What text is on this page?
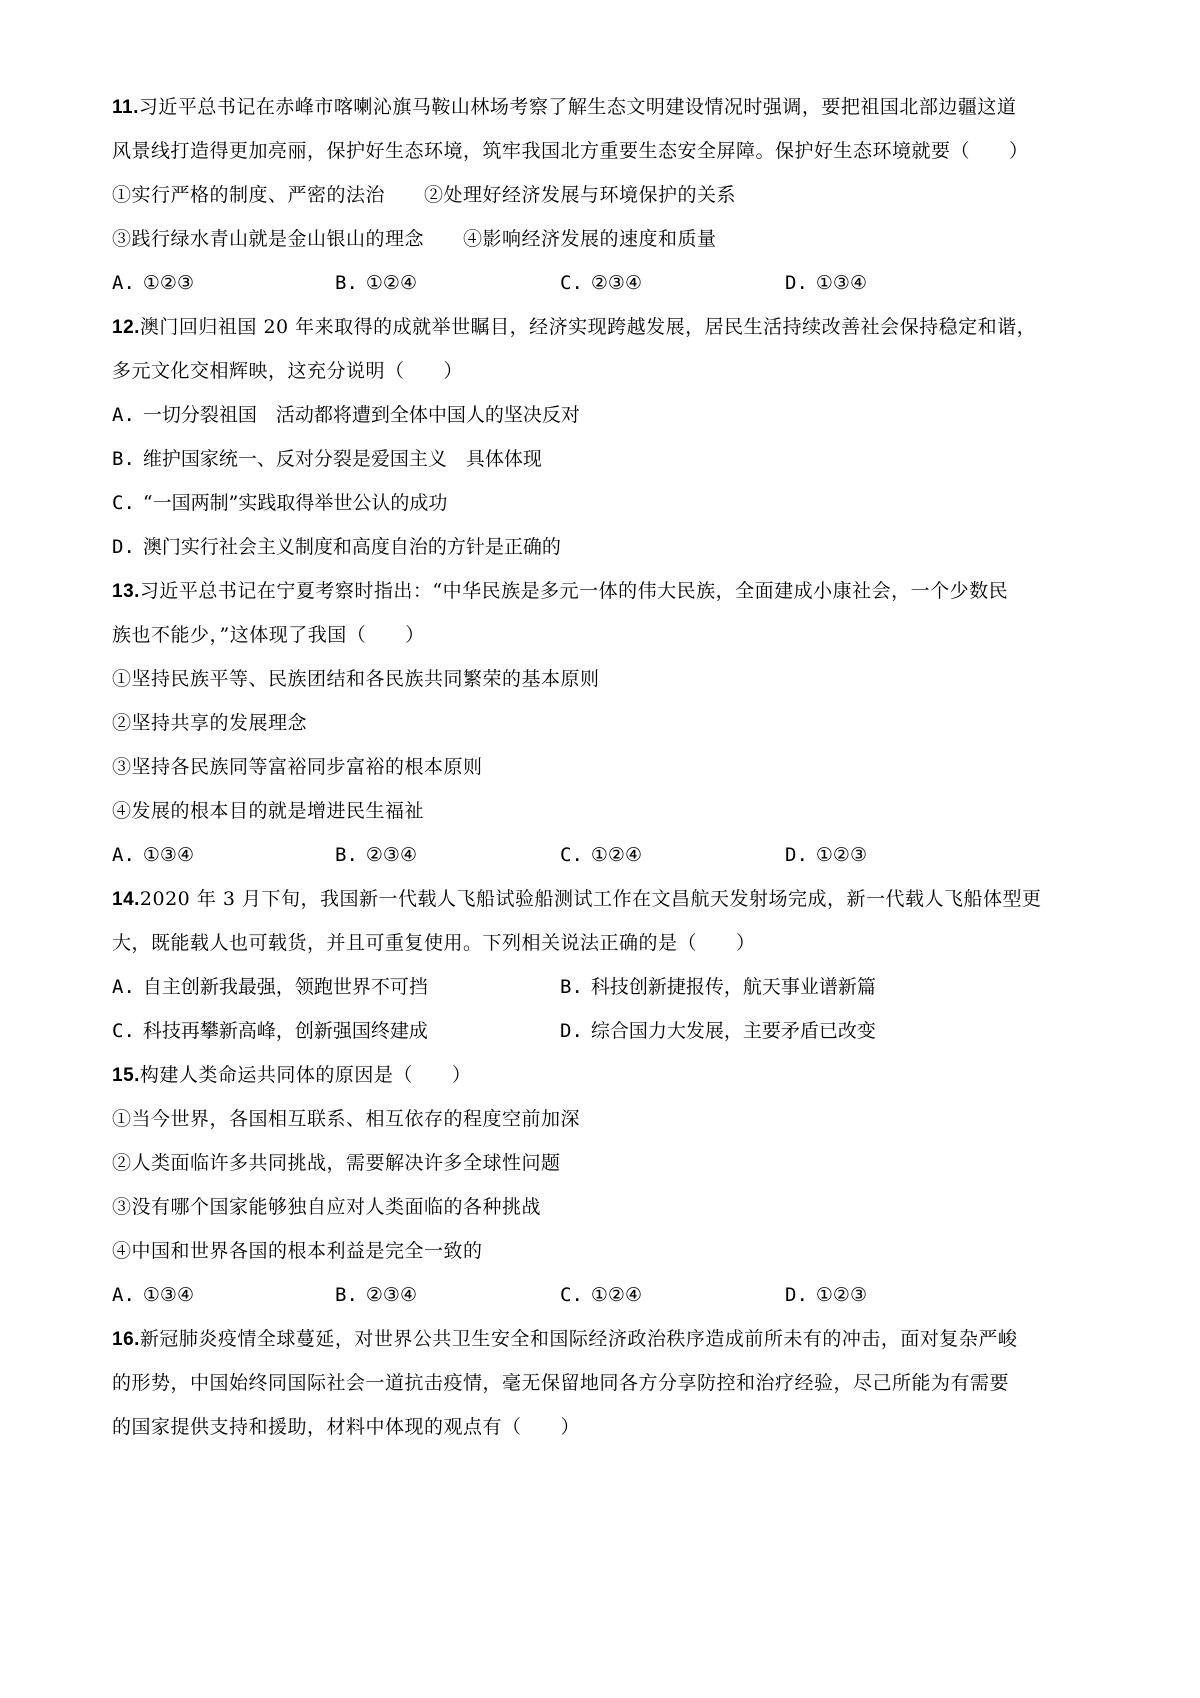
11.习近平总书记在赤峰市喀喇沁旗马鞍山林场考察了解生态文明建设情况时强调，要把祖国北部边疆这道
风景线打造得更加亮丽，保护好生态环境，筑牢我国北方重要生态安全屏障。保护好生态环境就要（　　）
①实行严格的制度、严密的法治　　②处理好经济发展与环境保护的关系
③践行绿水青山就是金山银山的理念　　④影响经济发展的速度和质量
A. ①②③	B. ①②④	C. ②③④	D. ①③④
12.澳门回归祖国 20 年来取得的成就举世瞩目，经济实现跨越发展，居民生活持续改善社会保持稳定和谐，
多元文化交相辉映，这充分说明（　　）
A. 一切分裂祖国　活动都将遭到全体中国人的坚决反对
B. 维护国家统一、反对分裂是爱国主义　具体体现
C. “一国两制”实践取得举世公认的成功
D. 澳门实行社会主义制度和高度自治的方针是正确的
13.习近平总书记在宁夏考察时指出：“中华民族是多元一体的伟大民族，全面建成小康社会，一个少数民
族也不能少，”这体现了我国（　　）
①坚持民族平等、民族团结和各民族共同繁荣的基本原则
②坚持共享的发展理念
③坚持各民族同等富裕同步富裕的根本原则
④发展的根本目的就是增进民生福祉
A. ①③④	B. ②③④	C. ①②④	D. ①②③
14.2020 年 3 月下旬，我国新一代载人飞船试验船测试工作在文昌航天发射场完成，新一代载人飞船体型更
大，既能载人也可载货，并且可重复使用。下列相关说法正确的是（　　）
A. 自主创新我最强，领跑世界不可挡	B. 科技创新捷报传，航天事业谱新篇
C. 科技再攀新高峰，创新强国终建成	D. 综合国力大发展，主要矛盾已改变
15.构建人类命运共同体的原因是（　　）
①当今世界，各国相互联系、相互依存的程度空前加深
②人类面临许多共同挑战，需要解决许多全球性问题
③没有哪个国家能够独自应对人类面临的各种挑战
④中国和世界各国的根本利益是完全一致的
A. ①③④	B. ②③④	C. ①②④	D. ①②③
16.新冠肺炎疫情全球蔓延，对世界公共卫生安全和国际经济政治秩序造成前所未有的冲击，面对复杂严峻
的形势，中国始终同国际社会一道抗击疫情，毫无保留地同各方分享防控和治疗经验，尽己所能为有需要
的国家提供支持和援助，材料中体现的观点有（　　）
